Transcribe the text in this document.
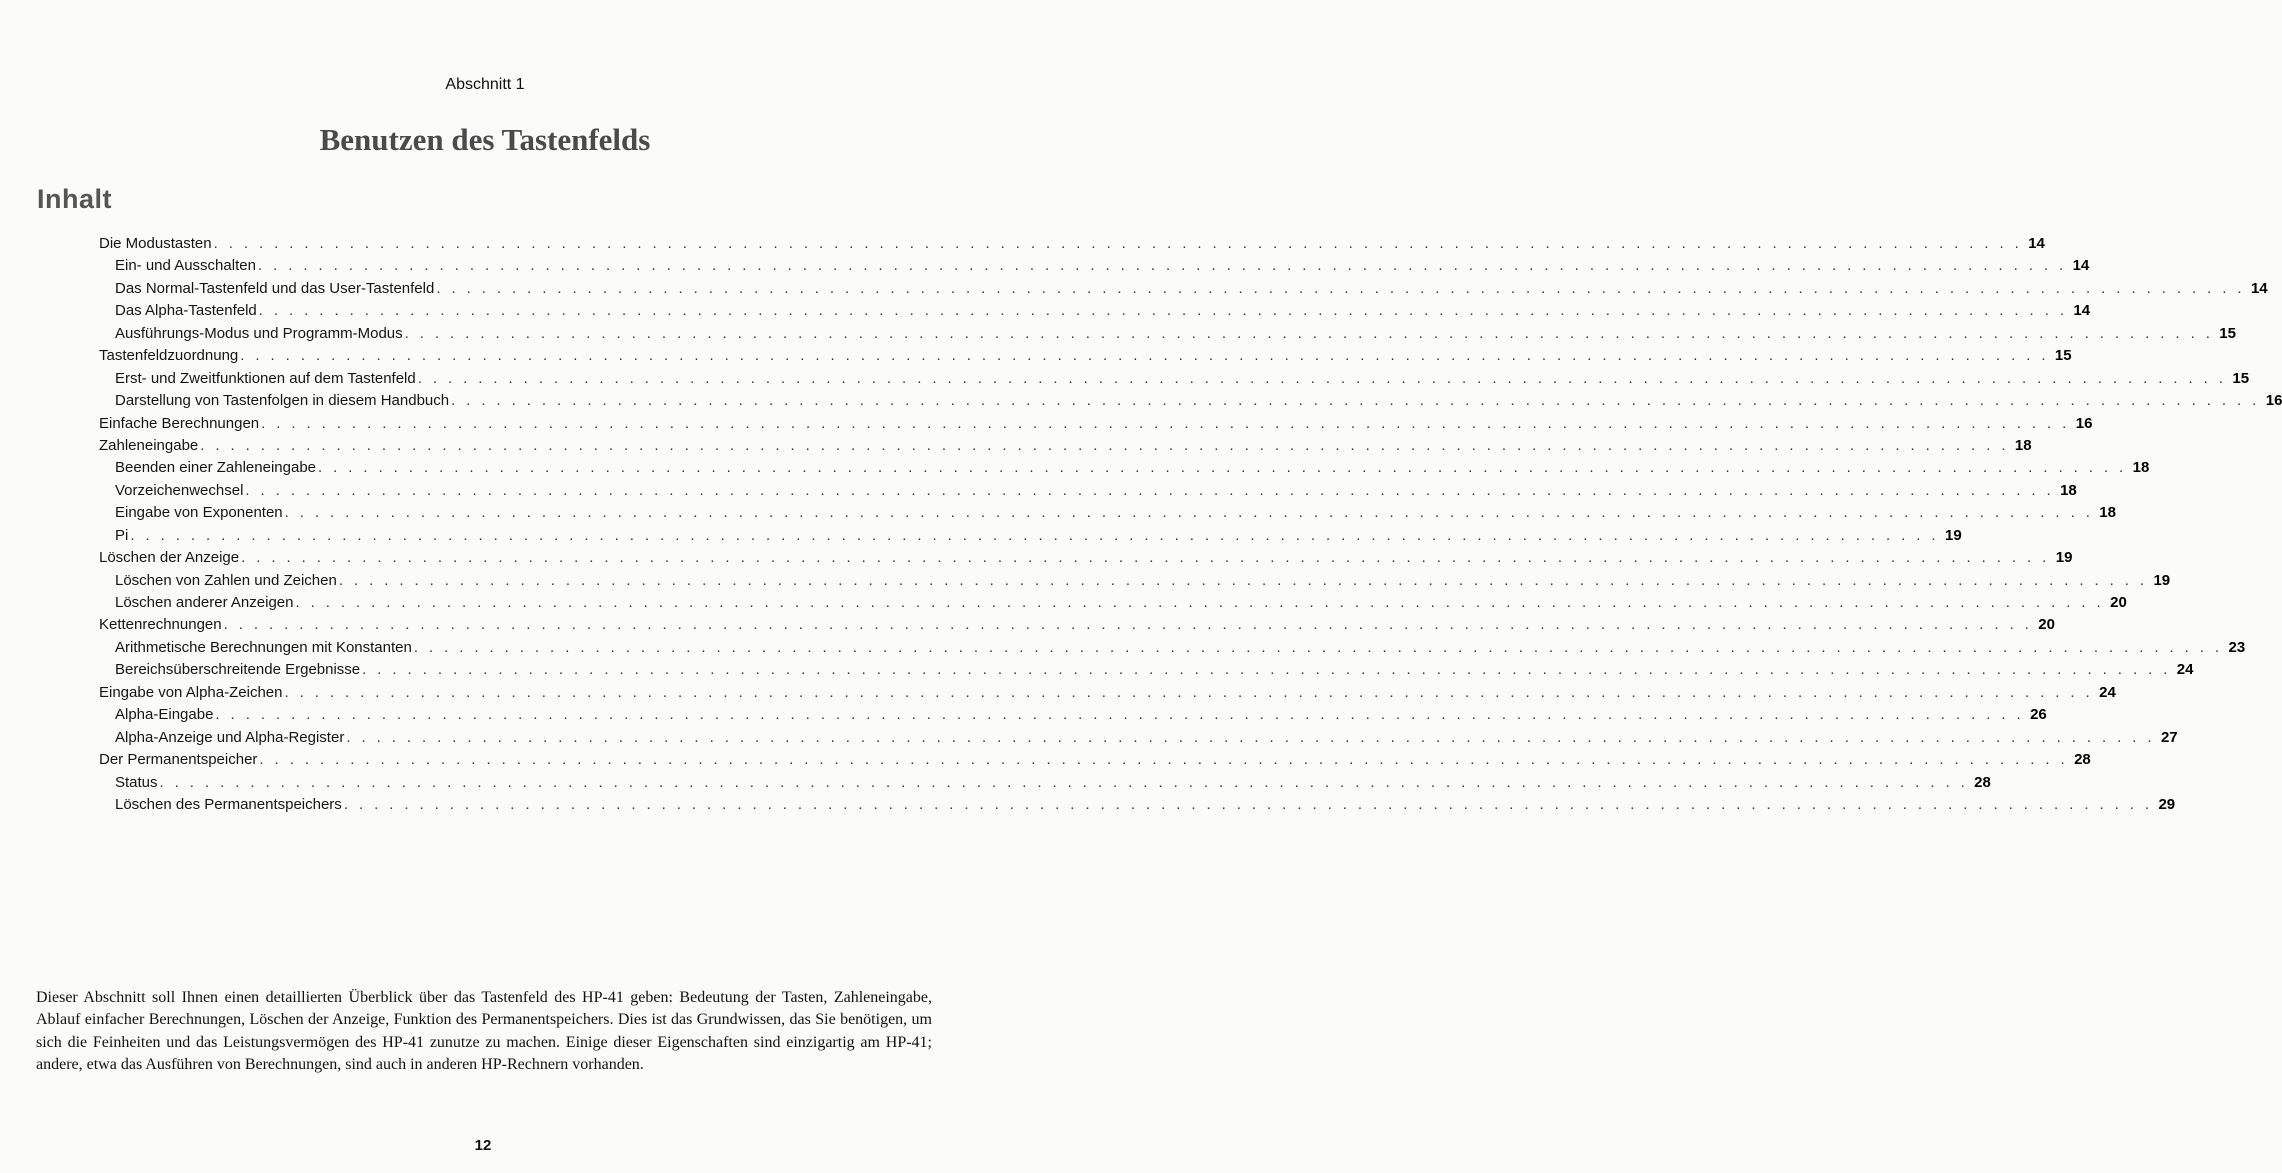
Abschnitt 1
Benutzen des Tastenfelds
Inhalt
Die Modustasten . . . . . . . . . . . . . . . . . . . . . . . . . . . . . . . . . . . . . . . . . . . . . . . . . . . . . . . . . . . . . . . . . . . . . . . . . . . . . . . . . . . . . . . . . . . . . . . . . . . . . . . . . . . . . . . . . . . . . . . . 14
Ein- und Ausschalten . . . . . . . . . . . . . . . . . . . . . . . . . . . . . . . . . . . . . . . . . . . . . . . . . . . . . . . . . . . . . . . . . . . . . . . . . . . . . . . . . . . . . . . . . . . . . . . . . . . . . . . . . . . . . . . . . . . . . . . . 14
Das Normal-Tastenfeld und das User-Tastenfeld . . . . . . . . . . . . . . . . . . . . . . . . . . . . . . . . . . . . . . . . . . . . . . . . . . . . . . . . . . . . . . . . . . . . . . . . . . . . . . . . . . . . . . . . . . . . . . . . . . . . . . . . . . . . . . . . . . . . . . . . 14
Das Alpha-Tastenfeld . . . . . . . . . . . . . . . . . . . . . . . . . . . . . . . . . . . . . . . . . . . . . . . . . . . . . . . . . . . . . . . . . . . . . . . . . . . . . . . . . . . . . . . . . . . . . . . . . . . . . . . . . . . . . . . . . . . . . . . . 14
Ausführungs-Modus und Programm-Modus . . . . . . . . . . . . . . . . . . . . . . . . . . . . . . . . . . . . . . . . . . . . . . . . . . . . . . . . . . . . . . . . . . . . . . . . . . . . . . . . . . . . . . . . . . . . . . . . . . . . . . . . . . . . . . . . . . . . . . . . 15
Tastenfeldzuordnung . . . . . . . . . . . . . . . . . . . . . . . . . . . . . . . . . . . . . . . . . . . . . . . . . . . . . . . . . . . . . . . . . . . . . . . . . . . . . . . . . . . . . . . . . . . . . . . . . . . . . . . . . . . . . . . . . . . . . . . . 15
Erst- und Zweitfunktionen auf dem Tastenfeld . . . . . . . . . . . . . . . . . . . . . . . . . . . . . . . . . . . . . . . . . . . . . . . . . . . . . . . . . . . . . . . . . . . . . . . . . . . . . . . . . . . . . . . . . . . . . . . . . . . . . . . . . . . . . . . . . . . . . . . . 15
Darstellung von Tastenfolgen in diesem Handbuch . . . . . . . . . . . . . . . . . . . . . . . . . . . . . . . . . . . . . . . . . . . . . . . . . . . . . . . . . . . . . . . . . . . . . . . . . . . . . . . . . . . . . . . . . . . . . . . . . . . . . . . . . . . . . . . . . . . . . . . . 16
Einfache Berechnungen . . . . . . . . . . . . . . . . . . . . . . . . . . . . . . . . . . . . . . . . . . . . . . . . . . . . . . . . . . . . . . . . . . . . . . . . . . . . . . . . . . . . . . . . . . . . . . . . . . . . . . . . . . . . . . . . . . . . . . . . 16
Zahleneingabe . . . . . . . . . . . . . . . . . . . . . . . . . . . . . . . . . . . . . . . . . . . . . . . . . . . . . . . . . . . . . . . . . . . . . . . . . . . . . . . . . . . . . . . . . . . . . . . . . . . . . . . . . . . . . . . . . . . . . . . . 18
Beenden einer Zahleneingabe . . . . . . . . . . . . . . . . . . . . . . . . . . . . . . . . . . . . . . . . . . . . . . . . . . . . . . . . . . . . . . . . . . . . . . . . . . . . . . . . . . . . . . . . . . . . . . . . . . . . . . . . . . . . . . . . . . . . . . . . 18
Vorzeichenwechsel . . . . . . . . . . . . . . . . . . . . . . . . . . . . . . . . . . . . . . . . . . . . . . . . . . . . . . . . . . . . . . . . . . . . . . . . . . . . . . . . . . . . . . . . . . . . . . . . . . . . . . . . . . . . . . . . . . . . . . . . 18
Eingabe von Exponenten . . . . . . . . . . . . . . . . . . . . . . . . . . . . . . . . . . . . . . . . . . . . . . . . . . . . . . . . . . . . . . . . . . . . . . . . . . . . . . . . . . . . . . . . . . . . . . . . . . . . . . . . . . . . . . . . . . . . . . . . 18
Pi . . . . . . . . . . . . . . . . . . . . . . . . . . . . . . . . . . . . . . . . . . . . . . . . . . . . . . . . . . . . . . . . . . . . . . . . . . . . . . . . . . . . . . . . . . . . . . . . . . . . . . . . . . . . . . . . . . . . . . . . 19
Löschen der Anzeige . . . . . . . . . . . . . . . . . . . . . . . . . . . . . . . . . . . . . . . . . . . . . . . . . . . . . . . . . . . . . . . . . . . . . . . . . . . . . . . . . . . . . . . . . . . . . . . . . . . . . . . . . . . . . . . . . . . . . . . . 19
Löschen von Zahlen und Zeichen . . . . . . . . . . . . . . . . . . . . . . . . . . . . . . . . . . . . . . . . . . . . . . . . . . . . . . . . . . . . . . . . . . . . . . . . . . . . . . . . . . . . . . . . . . . . . . . . . . . . . . . . . . . . . . . . . . . . . . . . 19
Löschen anderer Anzeigen . . . . . . . . . . . . . . . . . . . . . . . . . . . . . . . . . . . . . . . . . . . . . . . . . . . . . . . . . . . . . . . . . . . . . . . . . . . . . . . . . . . . . . . . . . . . . . . . . . . . . . . . . . . . . . . . . . . . . . . . 20
Kettenrechnungen . . . . . . . . . . . . . . . . . . . . . . . . . . . . . . . . . . . . . . . . . . . . . . . . . . . . . . . . . . . . . . . . . . . . . . . . . . . . . . . . . . . . . . . . . . . . . . . . . . . . . . . . . . . . . . . . . . . . . . . . 20
Arithmetische Berechnungen mit Konstanten . . . . . . . . . . . . . . . . . . . . . . . . . . . . . . . . . . . . . . . . . . . . . . . . . . . . . . . . . . . . . . . . . . . . . . . . . . . . . . . . . . . . . . . . . . . . . . . . . . . . . . . . . . . . . . . . . . . . . . . . 23
Bereichsüberschreitende Ergebnisse . . . . . . . . . . . . . . . . . . . . . . . . . . . . . . . . . . . . . . . . . . . . . . . . . . . . . . . . . . . . . . . . . . . . . . . . . . . . . . . . . . . . . . . . . . . . . . . . . . . . . . . . . . . . . . . . . . . . . . . . 24
Eingabe von Alpha-Zeichen . . . . . . . . . . . . . . . . . . . . . . . . . . . . . . . . . . . . . . . . . . . . . . . . . . . . . . . . . . . . . . . . . . . . . . . . . . . . . . . . . . . . . . . . . . . . . . . . . . . . . . . . . . . . . . . . . . . . . . . . 24
Alpha-Eingabe . . . . . . . . . . . . . . . . . . . . . . . . . . . . . . . . . . . . . . . . . . . . . . . . . . . . . . . . . . . . . . . . . . . . . . . . . . . . . . . . . . . . . . . . . . . . . . . . . . . . . . . . . . . . . . . . . . . . . . . . 26
Alpha-Anzeige und Alpha-Register . . . . . . . . . . . . . . . . . . . . . . . . . . . . . . . . . . . . . . . . . . . . . . . . . . . . . . . . . . . . . . . . . . . . . . . . . . . . . . . . . . . . . . . . . . . . . . . . . . . . . . . . . . . . . . . . . . . . . . . . 27
Der Permanentspeicher . . . . . . . . . . . . . . . . . . . . . . . . . . . . . . . . . . . . . . . . . . . . . . . . . . . . . . . . . . . . . . . . . . . . . . . . . . . . . . . . . . . . . . . . . . . . . . . . . . . . . . . . . . . . . . . . . . . . . . . . 28
Status . . . . . . . . . . . . . . . . . . . . . . . . . . . . . . . . . . . . . . . . . . . . . . . . . . . . . . . . . . . . . . . . . . . . . . . . . . . . . . . . . . . . . . . . . . . . . . . . . . . . . . . . . . . . . . . . . . . . . . . . 28
Löschen des Permanentspeichers . . . . . . . . . . . . . . . . . . . . . . . . . . . . . . . . . . . . . . . . . . . . . . . . . . . . . . . . . . . . . . . . . . . . . . . . . . . . . . . . . . . . . . . . . . . . . . . . . . . . . . . . . . . . . . . . . . . . . . . . 29

Dieser Abschnitt soll Ihnen einen detaillierten Überblick über das Tastenfeld des HP-41 geben: Bedeutung der Tasten, Zahleneingabe, Ablauf einfacher Berechnungen, Löschen der Anzeige, Funktion des Permanentspeichers. Dies ist das Grundwissen, das Sie benötigen, um sich die Feinheiten und das Leistungsvermögen des HP-41 zunutze zu machen. Einige dieser Eigenschaften sind einzigartig am HP-41; andere, etwa das Ausführen von Berechnungen, sind auch in anderen HP-Rechnern vorhanden.

12
